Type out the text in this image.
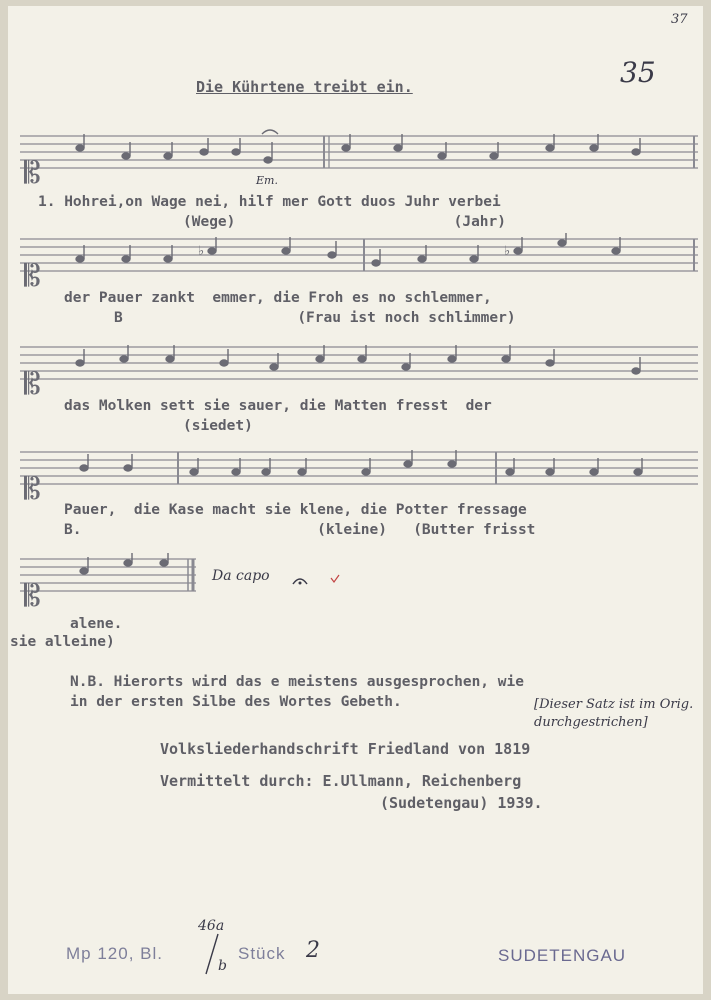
37
35
Die Kührtene treibt ein.
𝄡	Em.
1. Hohrei,on Wage nei, hilf mer Gott duos Juhr verbei
(Wege)                         (Jahr)
𝄡
♭	♭
der Pauer zankt  emmer, die Froh es no schlemmer,
B                    (Frau ist noch schlimmer)
𝄡
das Molken sett sie sauer, die Matten fresst  der
(siedet)
𝄡
Pauer,  die Kase macht sie klene, die Potter fressage
B.                           (kleine)   (Butter frisst
𝄡
Da capo
alene.
sie alleine)
N.B. Hierorts wird das e meistens ausgesprochen, wie
in der ersten Silbe des Wortes Gebeth.	[Dieser Satz ist im Orig. durchgestrichen]
Volksliederhandschrift Friedland von 1819
Vermittelt durch: E.Ullmann, Reichenberg
(Sudetengau) 1939.
Mp 120, Bl.
46a
b
Stück 2	SUDETENGAU
